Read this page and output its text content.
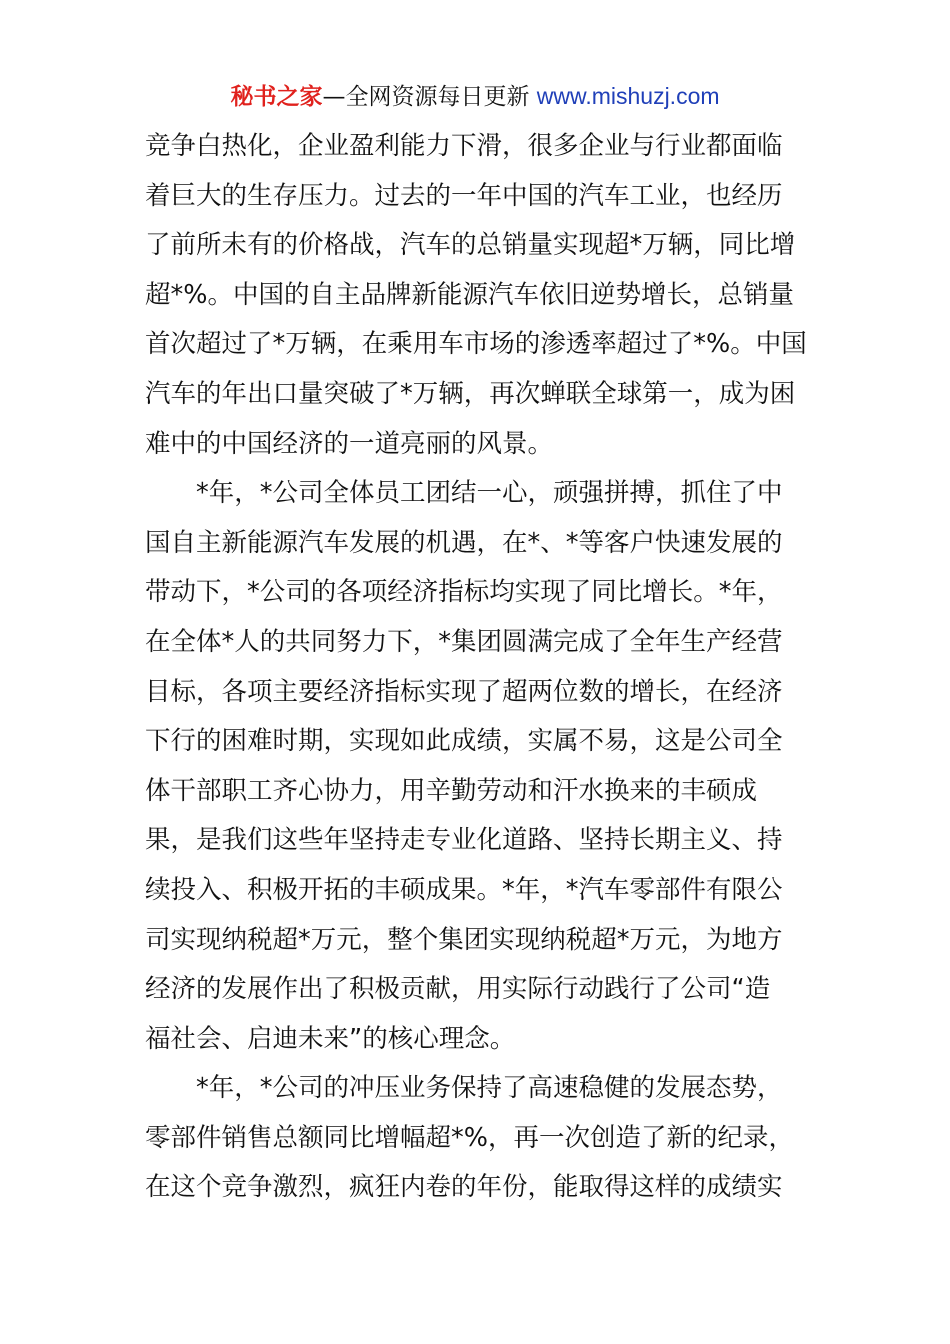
秘书之家—全网资源每日更新 www.mishuzj.com
竞争白热化，企业盈利能力下滑，很多企业与行业都面临
着巨大的生存压力。过去的一年中国的汽车工业，也经历
了前所未有的价格战，汽车的总销量实现超*万辆，同比增
超*%。中国的自主品牌新能源汽车依旧逆势增长，总销量
首次超过了*万辆，在乘用车市场的渗透率超过了*%。中国
汽车的年出口量突破了*万辆，再次蝉联全球第一，成为困
难中的中国经济的一道亮丽的风景。
*年，*公司全体员工团结一心，顽强拼搏，抓住了中
国自主新能源汽车发展的机遇，在*、*等客户快速发展的
带动下，*公司的各项经济指标均实现了同比增长。*年，
在全体*人的共同努力下，*集团圆满完成了全年生产经营
目标，各项主要经济指标实现了超两位数的增长，在经济
下行的困难时期，实现如此成绩，实属不易，这是公司全
体干部职工齐心协力，用辛勤劳动和汗水换来的丰硕成
果，是我们这些年坚持走专业化道路、坚持长期主义、持
续投入、积极开拓的丰硕成果。*年，*汽车零部件有限公
司实现纳税超*万元，整个集团实现纳税超*万元，为地方
经济的发展作出了积极贡献，用实际行动践行了公司“造
福社会、启迪未来”的核心理念。
*年，*公司的冲压业务保持了高速稳健的发展态势，
零部件销售总额同比增幅超*%，再一次创造了新的纪录，
在这个竞争激烈，疯狂内卷的年份，能取得这样的成绩实
